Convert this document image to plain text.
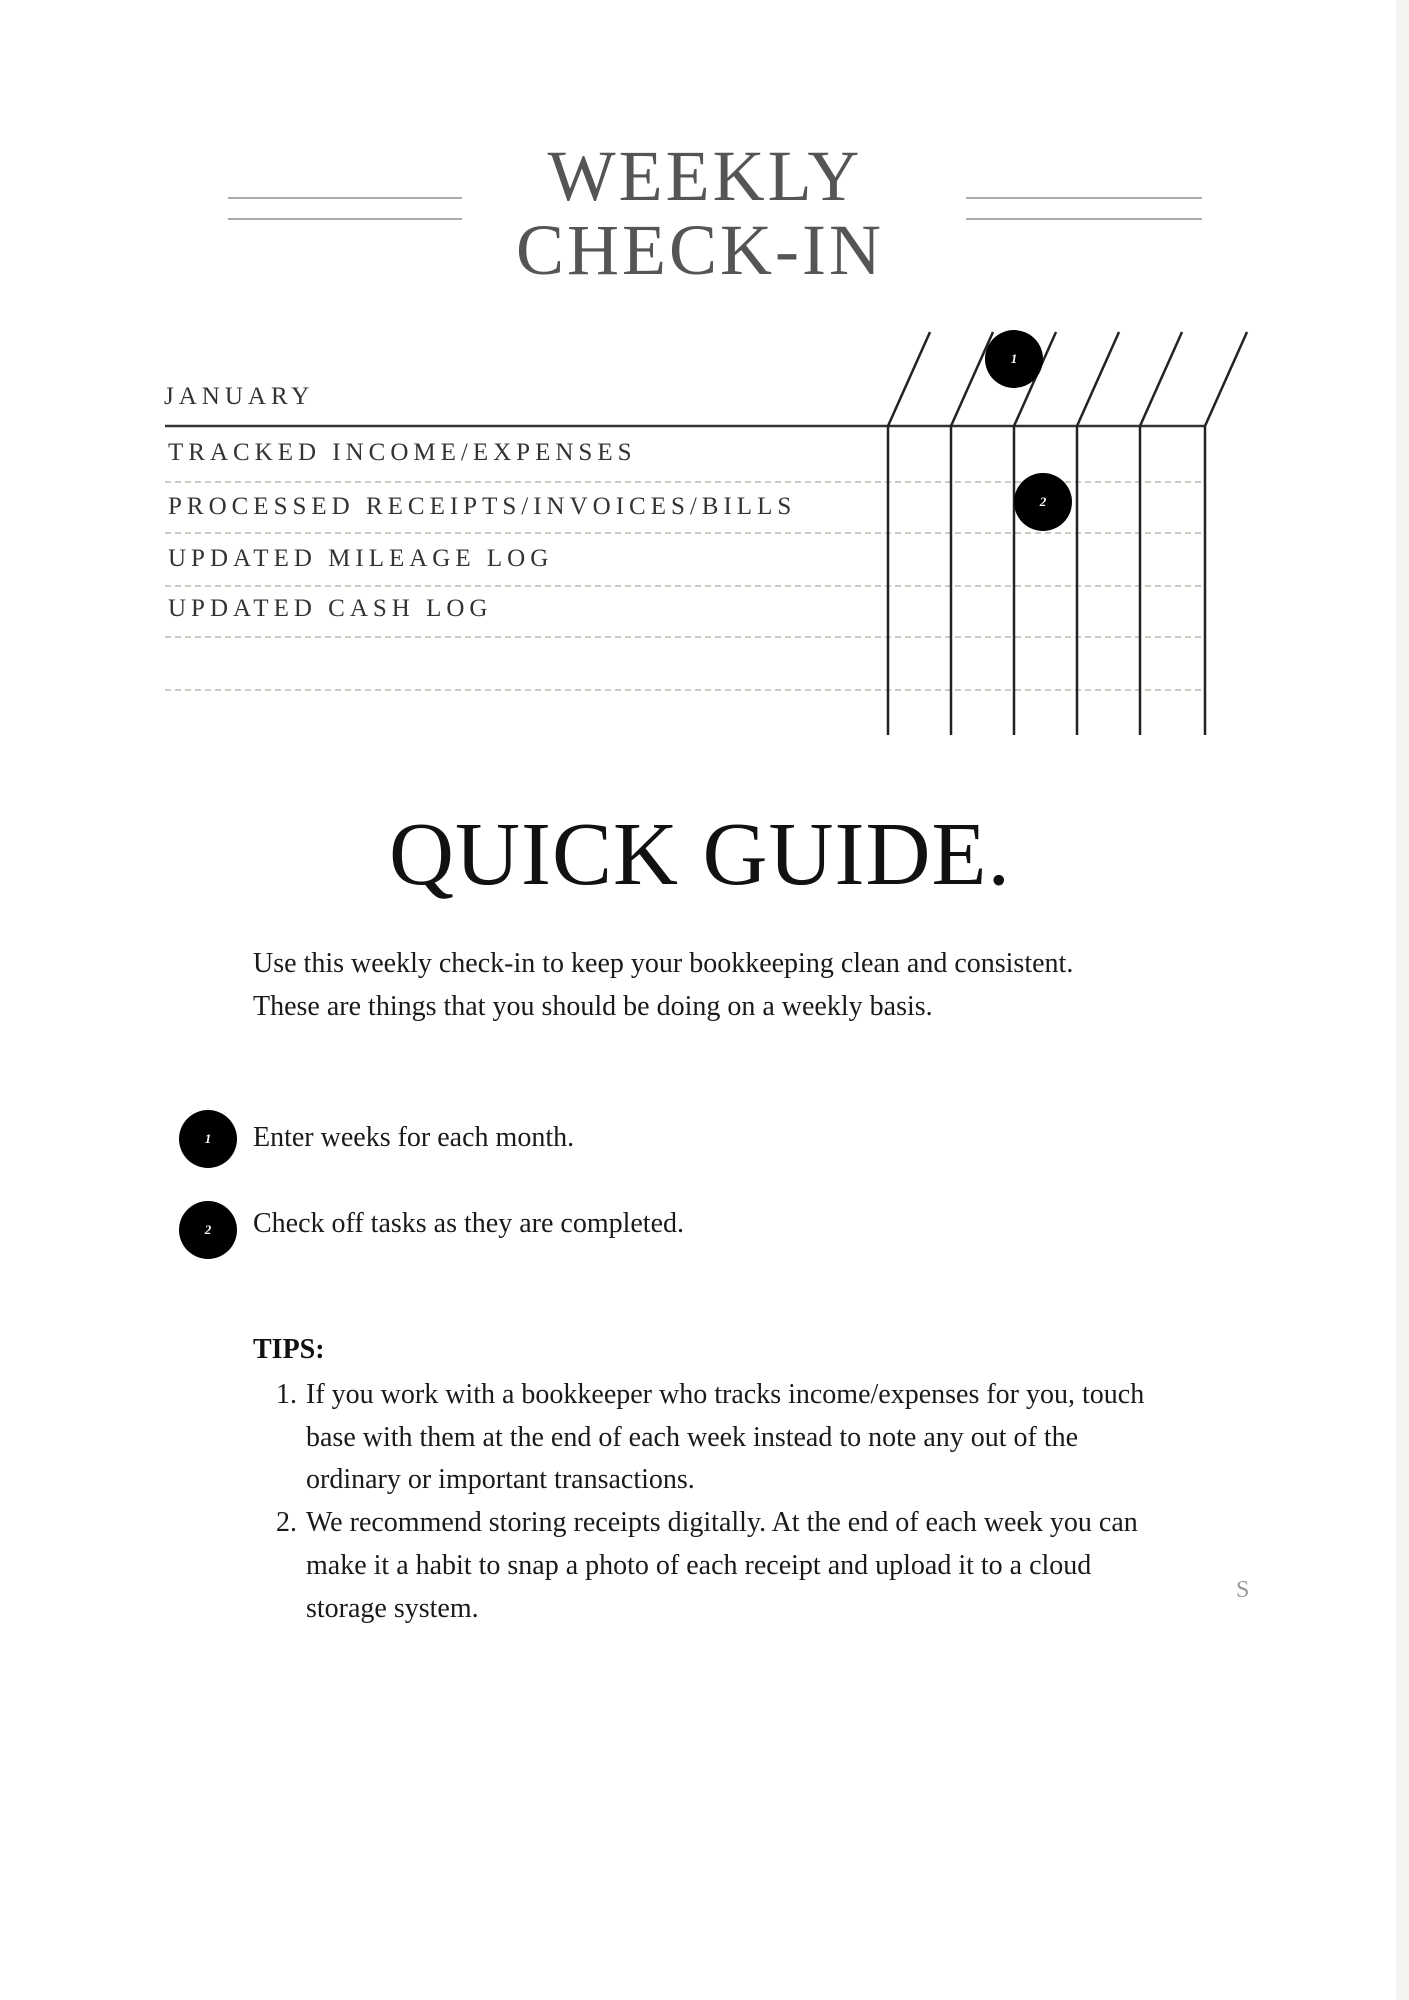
WEEKLY
CHECK-IN
JANUARY
TRACKED INCOME/EXPENSES
PROCESSED RECEIPTS/INVOICES/BILLS
UPDATED MILEAGE LOG
UPDATED CASH LOG
1
2
QUICK GUIDE.
Use this weekly check-in to keep your bookkeeping clean and consistent.
These are things that you should be doing on a weekly basis.
1	Enter weeks for each month.
2	Check off tasks as they are completed.
TIPS:
1. If you work with a bookkeeper who tracks income/expenses for you, touch
base with them at the end of each week instead to note any out of the
ordinary or important transactions.
2. We recommend storing receipts digitally. At the end of each week you can
make it a habit to snap a photo of each receipt and upload it to a cloud
storage system.
S
